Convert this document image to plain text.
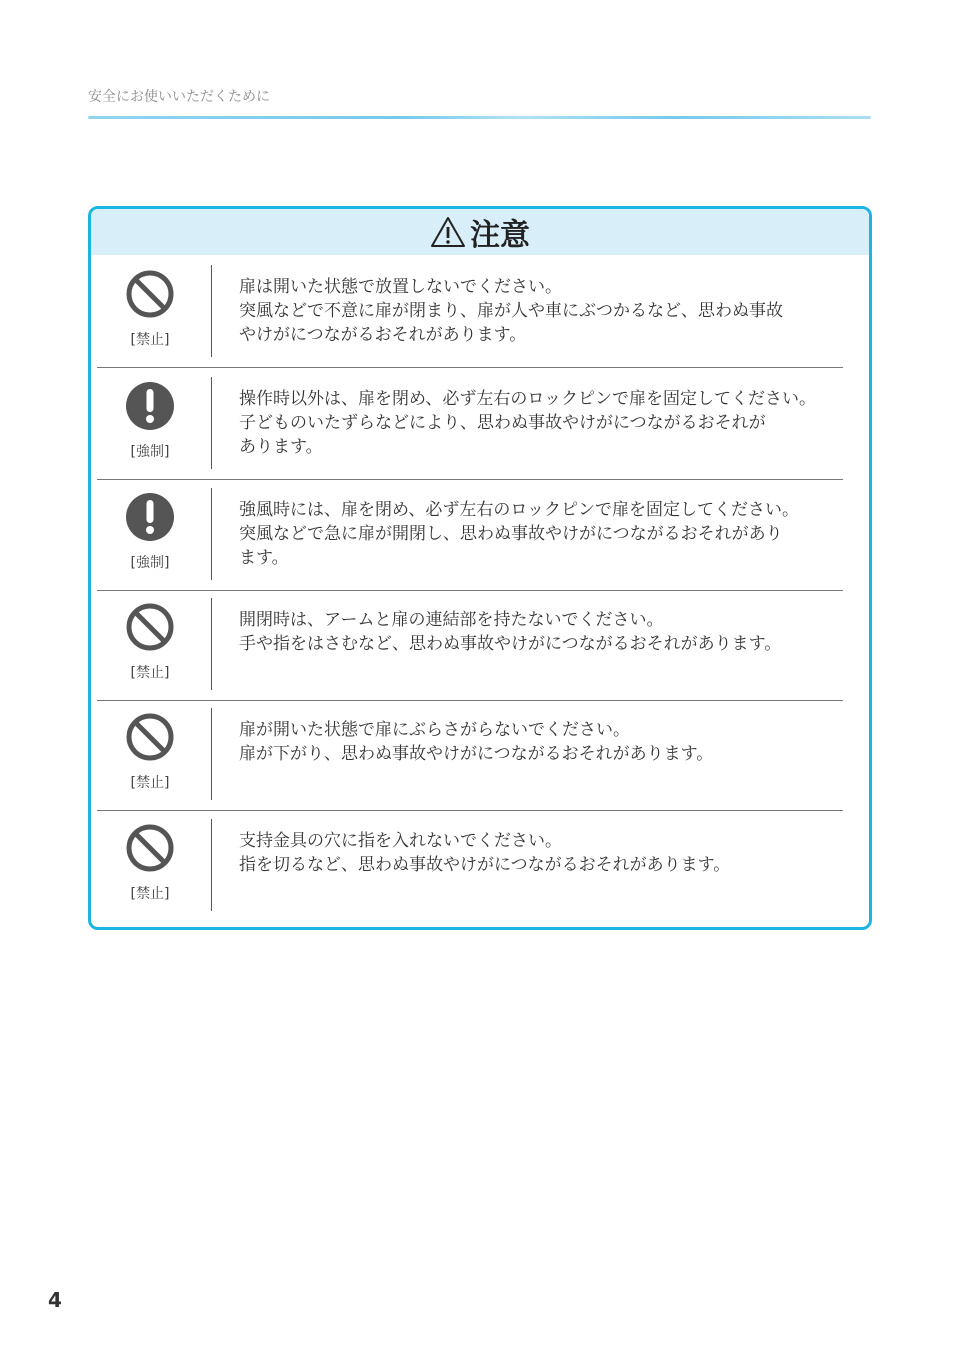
安全にお使いいただくために
注意
[禁止]
扉は開いた状態で放置しないでください。
突風などで不意に扉が閉まり、扉が人や車にぶつかるなど、思わぬ事故
やけがにつながるおそれがあります。
[強制]
操作時以外は、扉を閉め、必ず左右のロックピンで扉を固定してください。
子どものいたずらなどにより、思わぬ事故やけがにつながるおそれが
あります。
[強制]
強風時には、扉を閉め、必ず左右のロックピンで扉を固定してください。
突風などで急に扉が開閉し、思わぬ事故やけがにつながるおそれがあり
ます。
[禁止]
開閉時は、アームと扉の連結部を持たないでください。
手や指をはさむなど、思わぬ事故やけがにつながるおそれがあります。
[禁止]
扉が開いた状態で扉にぶらさがらないでください。
扉が下がり、思わぬ事故やけがにつながるおそれがあります。
[禁止]
支持金具の穴に指を入れないでください。
指を切るなど、思わぬ事故やけがにつながるおそれがあります。
4
